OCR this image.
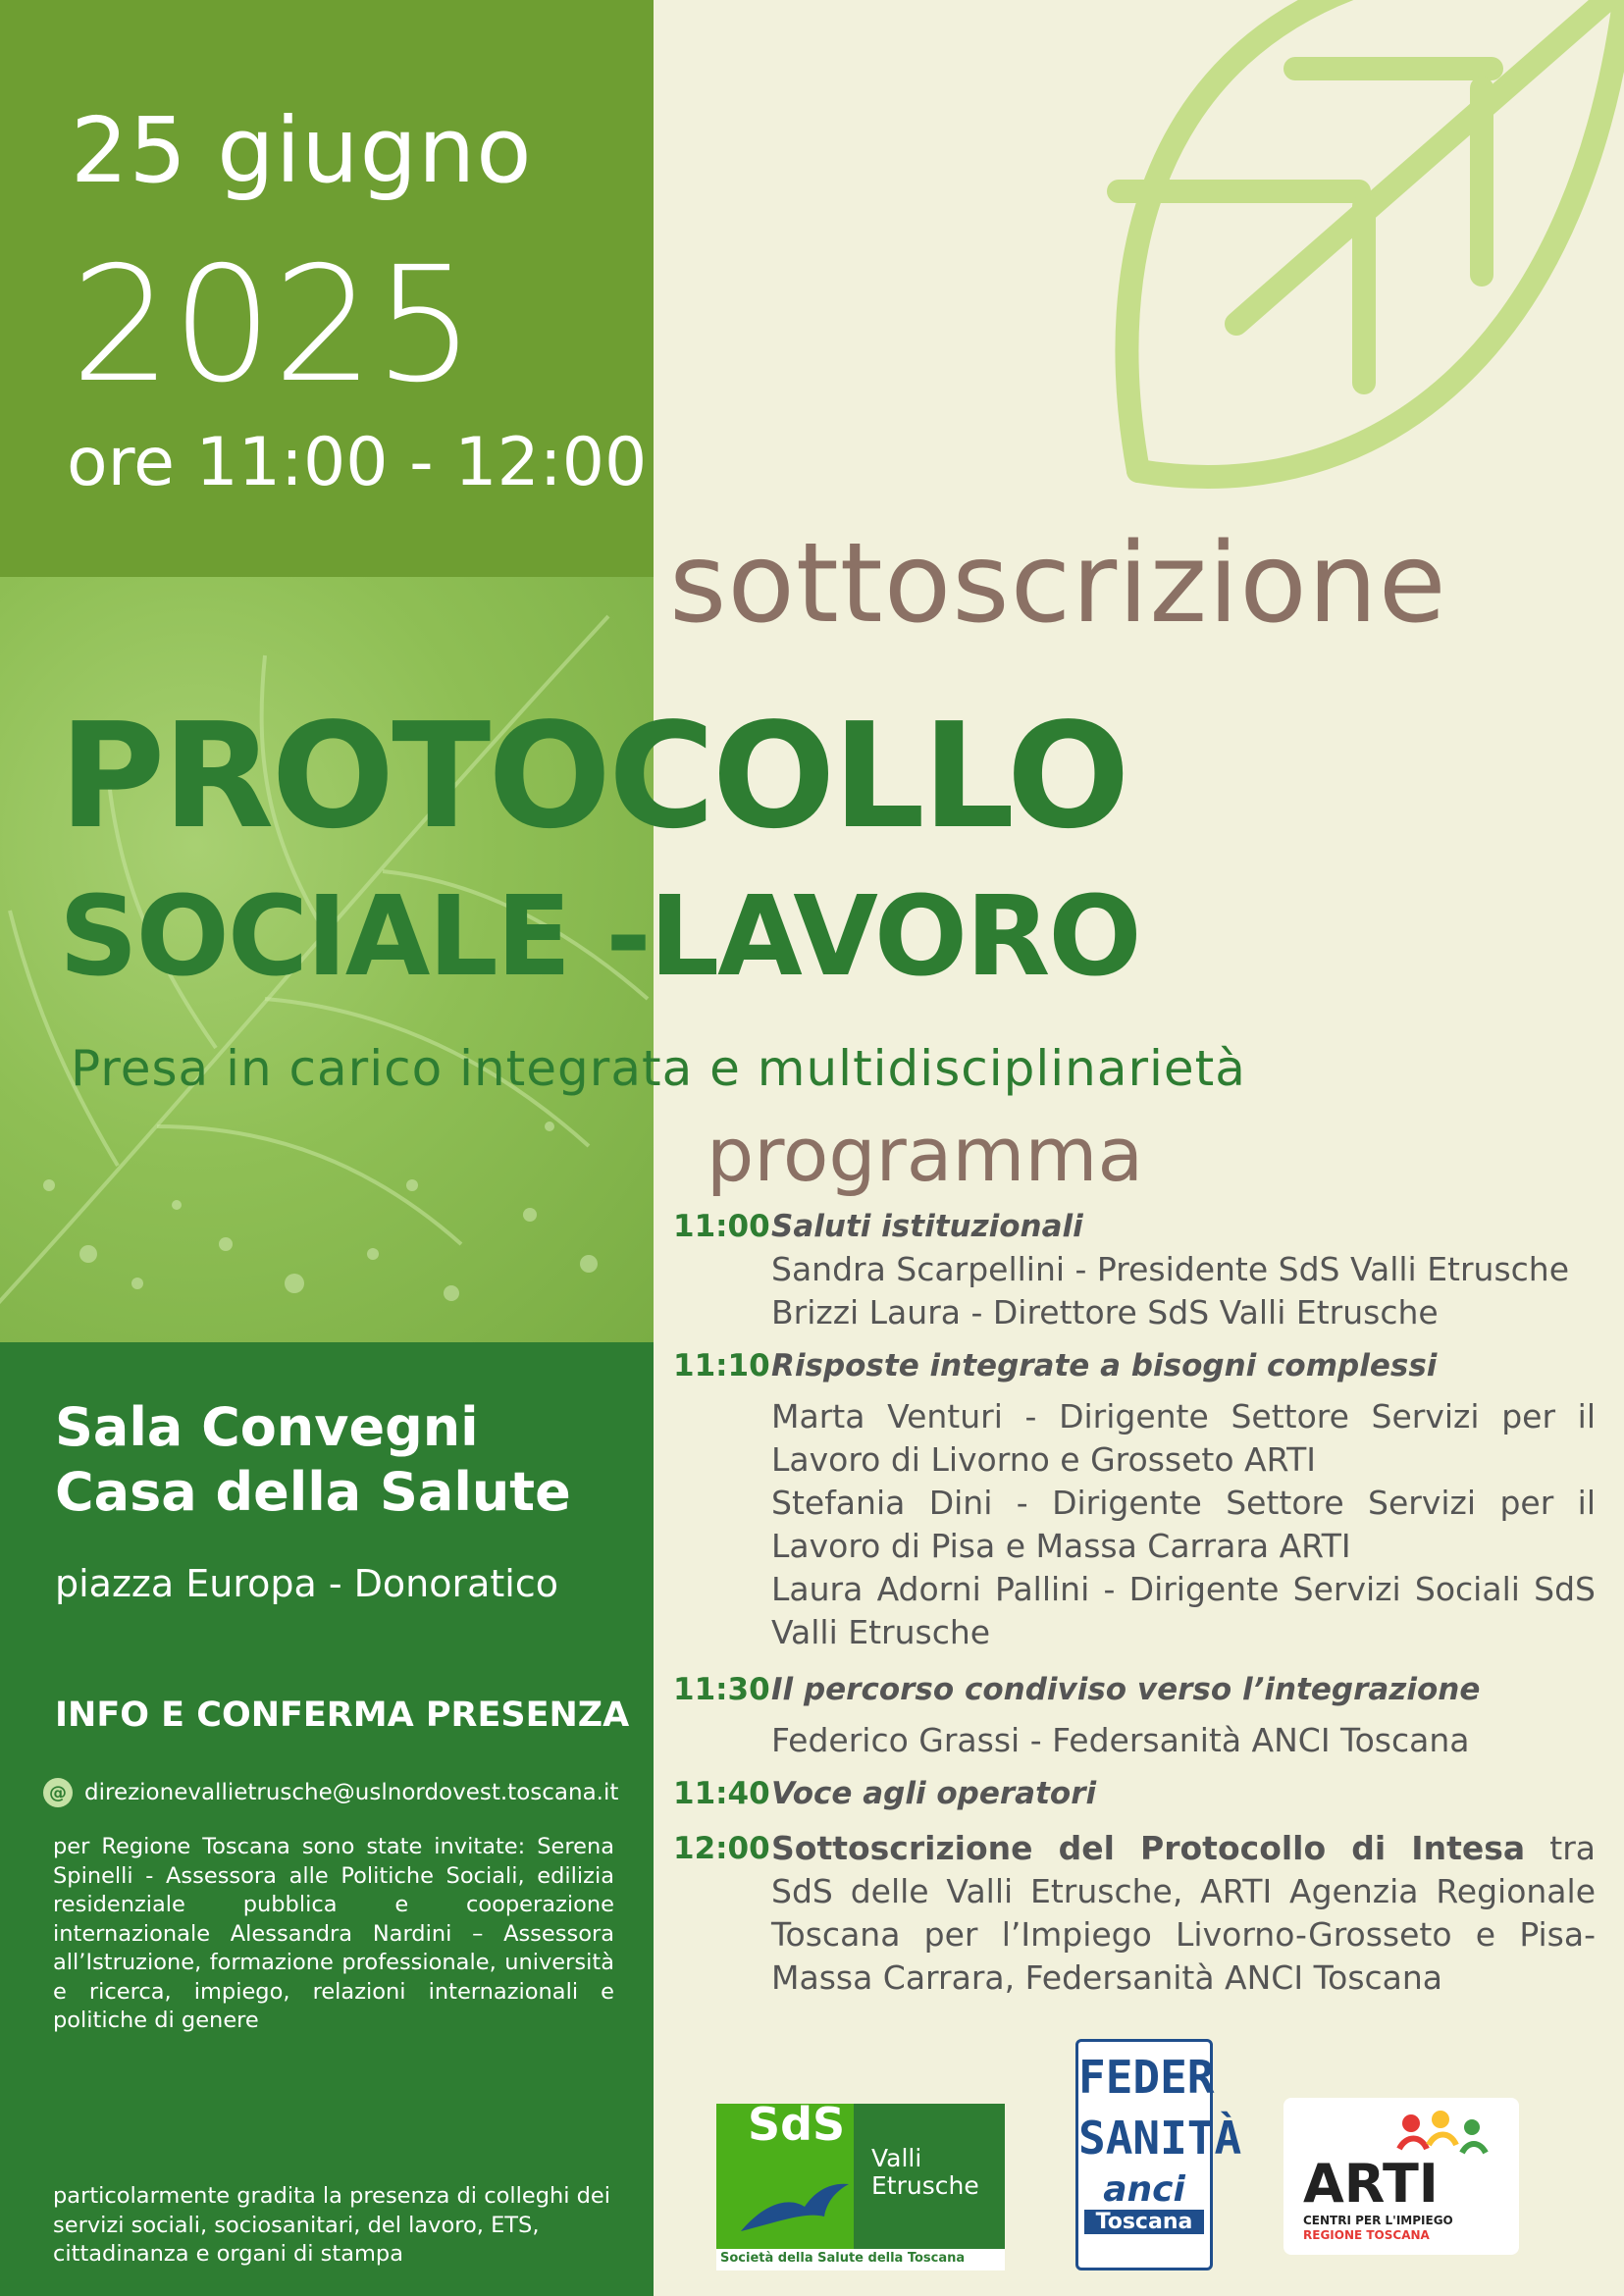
25 giugno
2025
ore 11:00 - 12:00
sottoscrizione
PROTOCOLLO
SOCIALE -LAVORO
Presa in carico integrata e multidisciplinarietà
programma
Sala Convegni
Casa della Salute
piazza Europa - Donoratico
INFO E CONFERMA PRESENZA
@ direzionevallietrusche@uslnordovest.toscana.it
per Regione Toscana sono state invitate: Serena Spinelli - Assessora alle Politiche Sociali, edilizia residenziale pubblica e cooperazione internazionale Alessandra Nardini – Assessora all’Istruzione, formazione professionale, università e ricerca, impiego, relazioni internazionali e politiche di genere
particolarmente gradita la presenza di colleghi dei servizi sociali, sociosanitari, del lavoro, ETS, cittadinanza e organi di stampa
11:00 Saluti istituzionali
Sandra Scarpellini - Presidente SdS Valli Etrusche
Brizzi Laura - Direttore SdS Valli Etrusche
11:10 Risposte integrate a bisogni complessi
Marta Venturi - Dirigente Settore Servizi per il Lavoro di Livorno e Grosseto ARTI
Stefania Dini - Dirigente Settore Servizi per il Lavoro di Pisa e Massa Carrara ARTI
Laura Adorni Pallini - Dirigente Servizi Sociali SdS Valli Etrusche
11:30 Il percorso condiviso verso l’integrazione
Federico Grassi - Federsanità ANCI Toscana
11:40 Voce agli operatori
12:00 Sottoscrizione del Protocollo di Intesa tra SdS delle Valli Etrusche, ARTI Agenzia Regionale Toscana per l’Impiego Livorno-Grosseto e Pisa-Massa Carrara, Federsanità ANCI Toscana
SdS
Valli
Etrusche
Società della Salute della Toscana
FEDER
SANITÀ
anci
Toscana
ARTI
CENTRI PER L'IMPIEGO
REGIONE TOSCANA
